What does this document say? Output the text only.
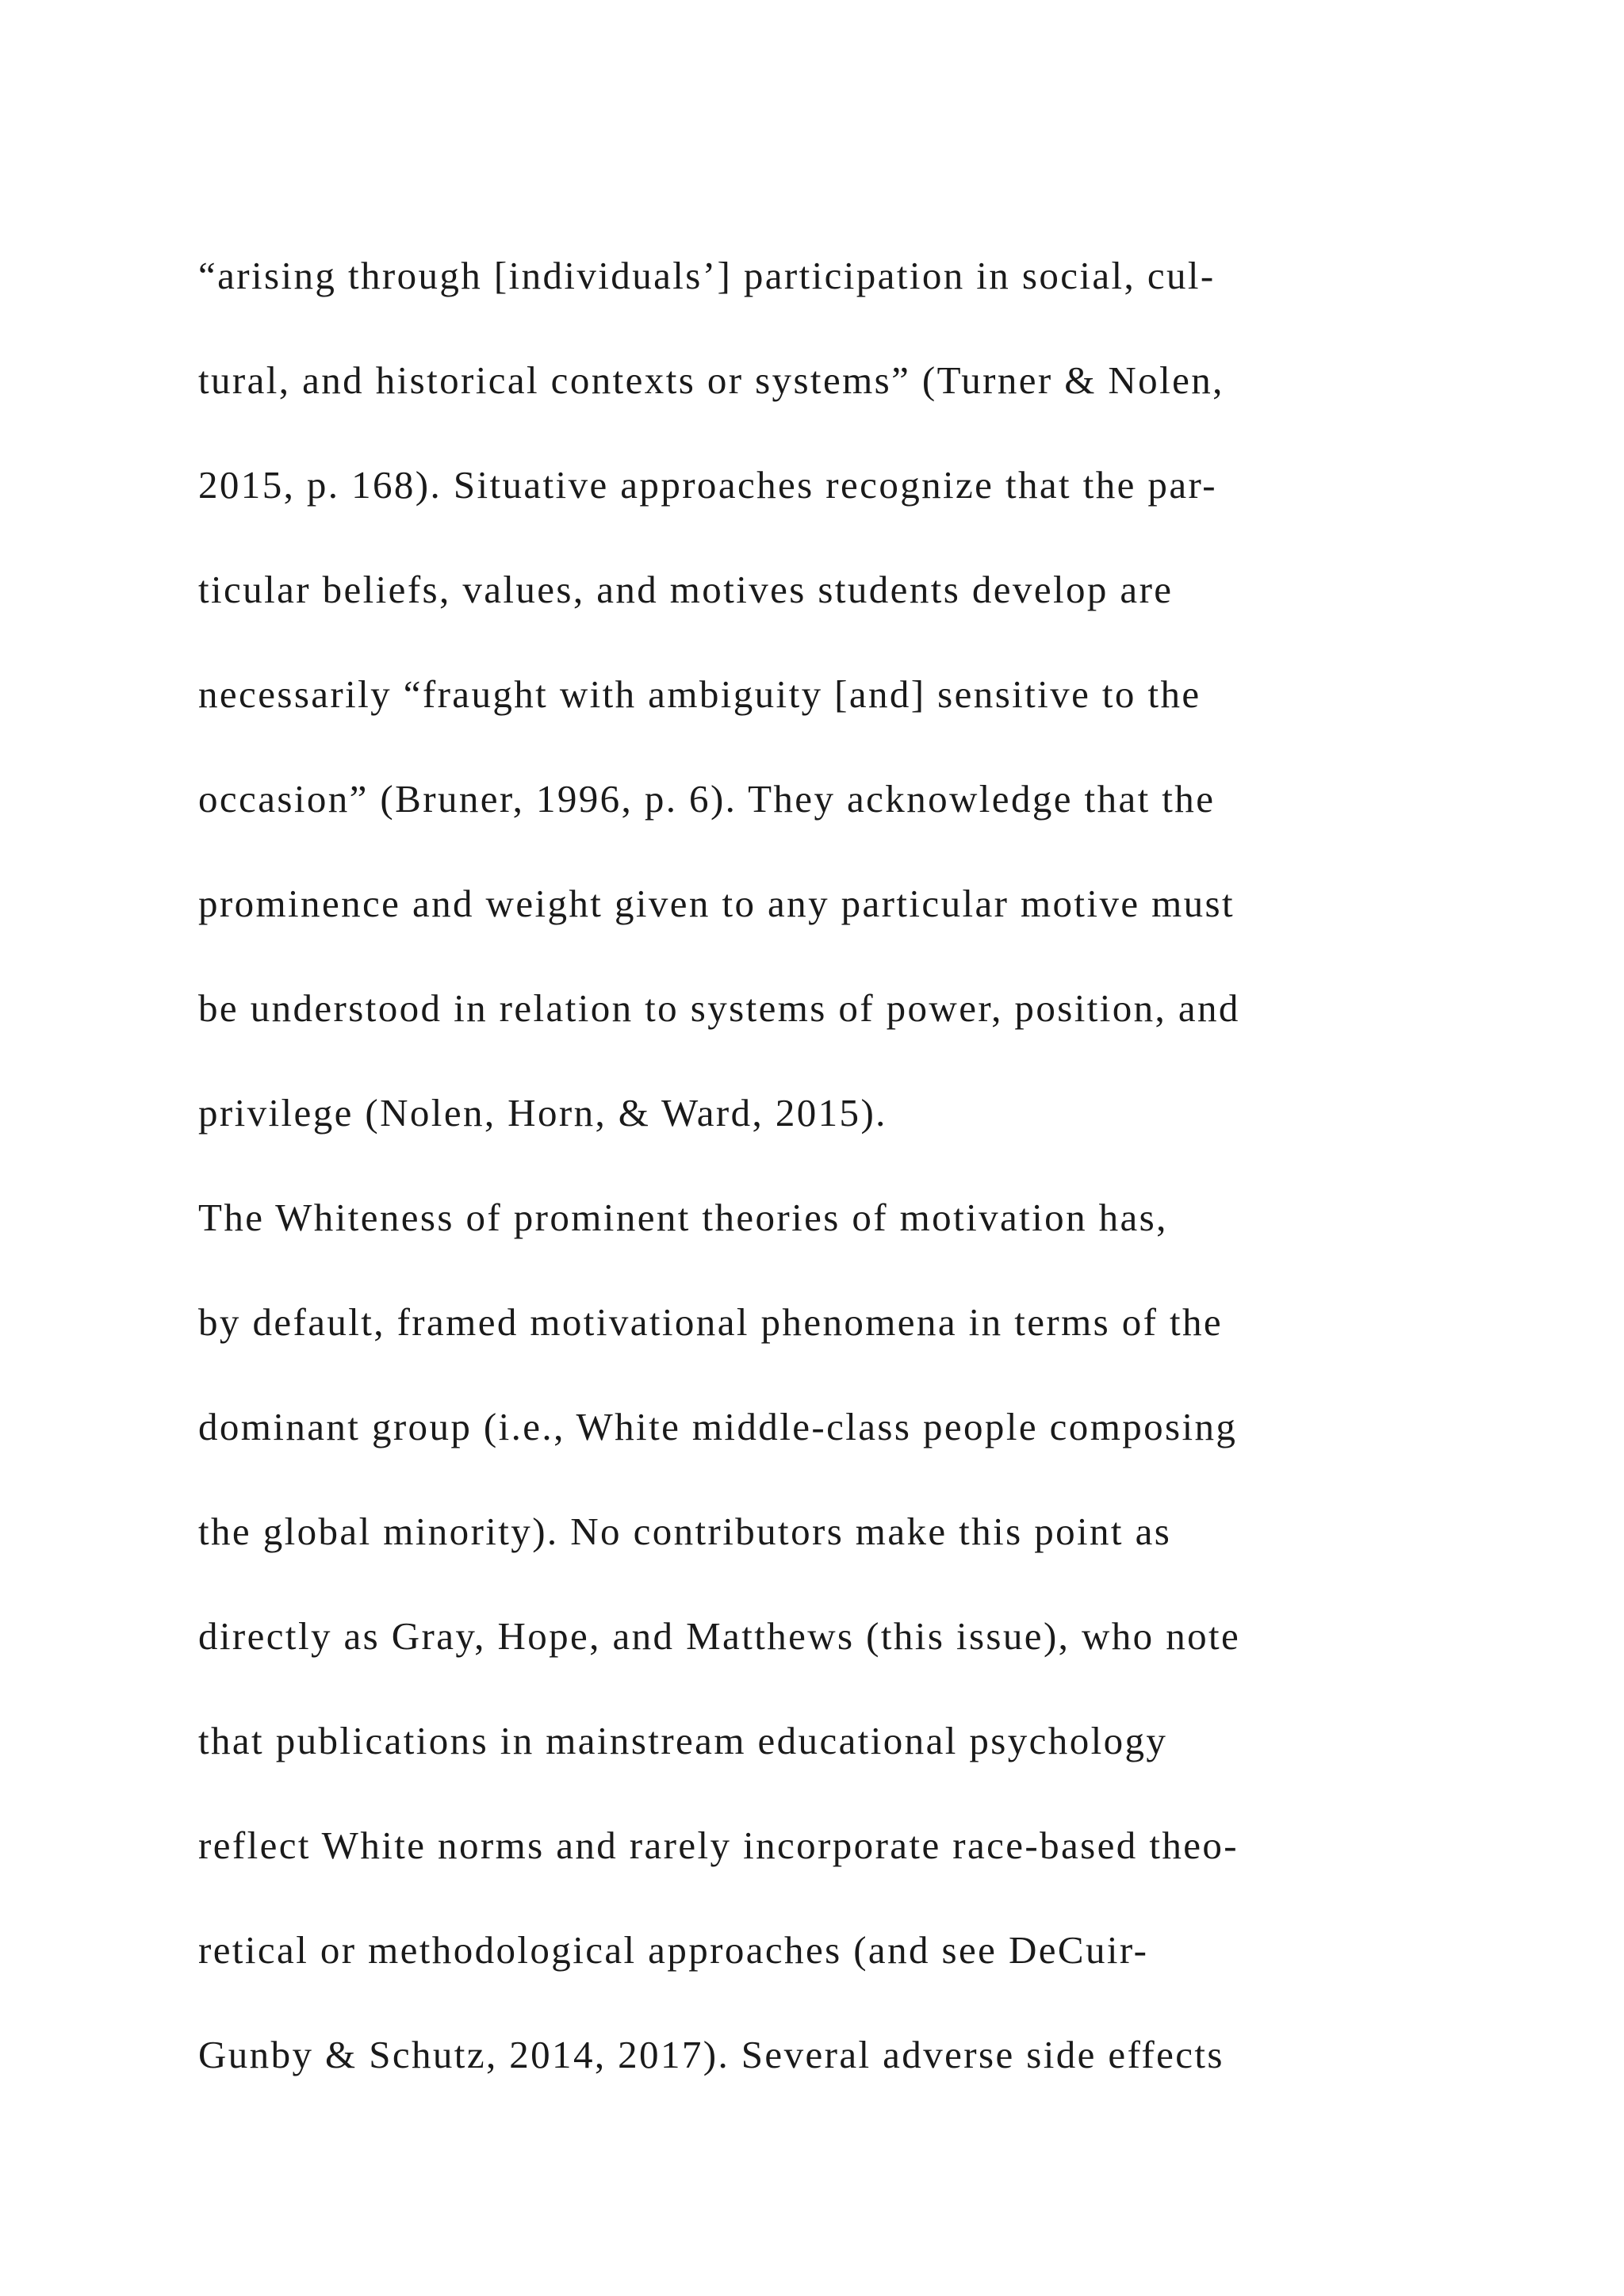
“arising through [individuals’] participation in social, cul-
tural, and historical contexts or systems” (Turner & Nolen,
2015, p. 168). Situative approaches recognize that the par-
ticular beliefs, values, and motives students develop are
necessarily “fraught with ambiguity [and] sensitive to the
occasion” (Bruner, 1996, p. 6). They acknowledge that the
prominence and weight given to any particular motive must
be understood in relation to systems of power, position, and
privilege (Nolen, Horn, & Ward, 2015).
The Whiteness of prominent theories of motivation has,
by default, framed motivational phenomena in terms of the
dominant group (i.e., White middle-class people composing
the global minority). No contributors make this point as
directly as Gray, Hope, and Matthews (this issue), who note
that publications in mainstream educational psychology
reflect White norms and rarely incorporate race-based theo-
retical or methodological approaches (and see DeCuir-
Gunby & Schutz, 2014, 2017). Several adverse side effects
